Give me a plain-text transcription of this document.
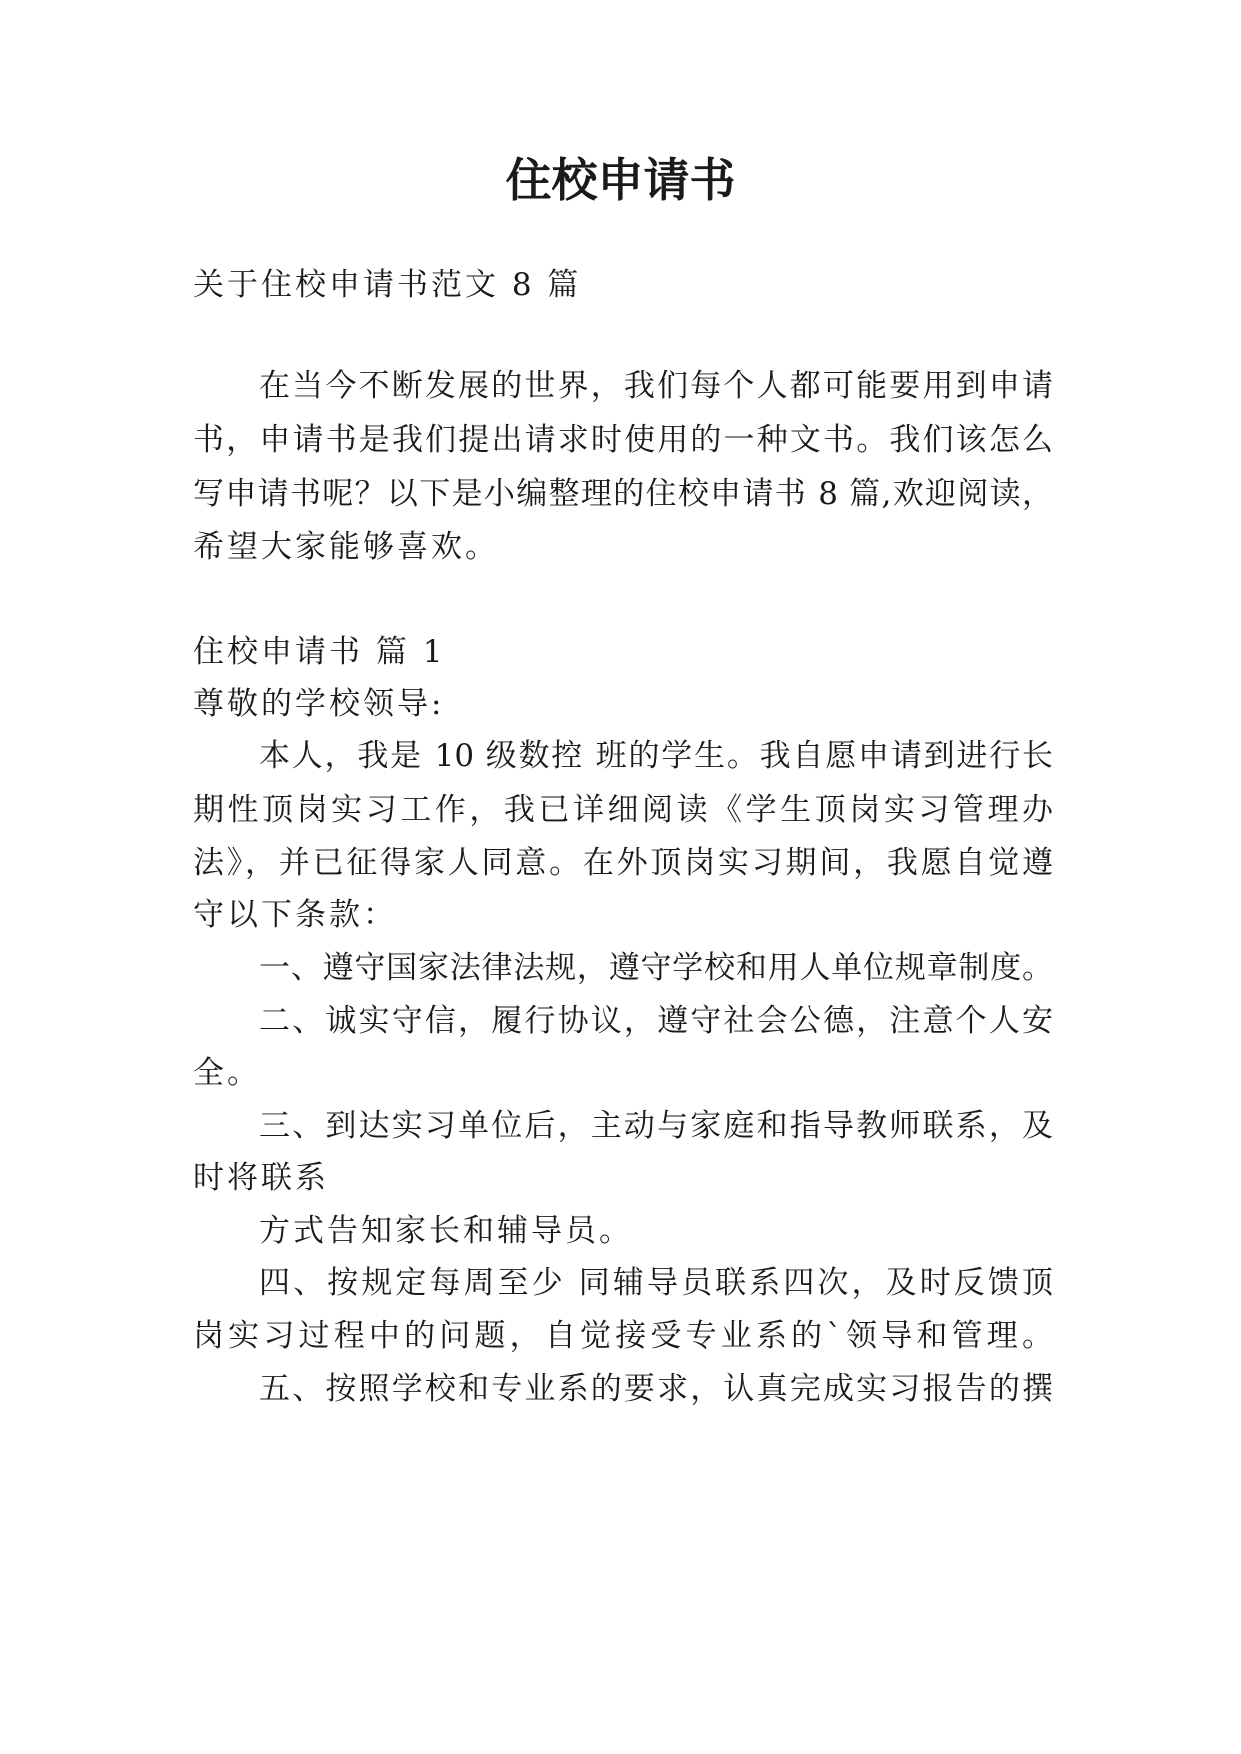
住校申请书
关于住校申请书范文 8 篇
在当今不断发展的世界，我们每个人都可能要用到申请
书，申请书是我们提出请求时使用的一种文书。我们该怎么
写申请书呢？以下是小编整理的住校申请书 8 篇,欢迎阅读，
希望大家能够喜欢。
住校申请书 篇 1
尊敬的学校领导:
本人，我是 10 级数控 班的学生。我自愿申请到进行长
期性顶岗实习工作，我已详细阅读《学生顶岗实习管理办
法》，并已征得家人同意。在外顶岗实习期间，我愿自觉遵
守以下条款：
一、遵守国家法律法规，遵守学校和用人单位规章制度。
二、诚实守信，履行协议，遵守社会公德，注意个人安
全。
三、到达实习单位后，主动与家庭和指导教师联系，及
时将联系
方式告知家长和辅导员。
四、按规定每周至少 同辅导员联系四次，及时反馈顶
岗实习过程中的问题，自觉接受专业系的`领导和管理。
五、按照学校和专业系的要求，认真完成实习报告的撰
